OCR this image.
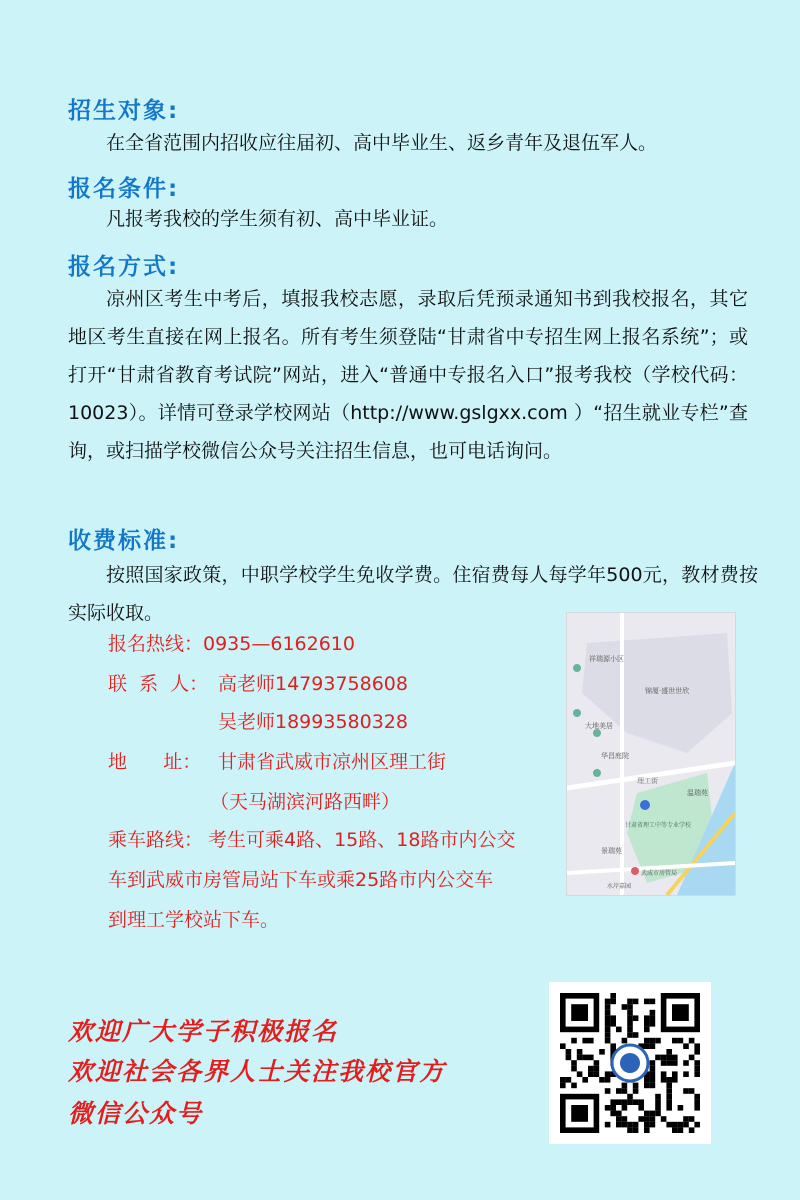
招生对象:
在全省范围内招收应往届初、高中毕业生、返乡青年及退伍军人。
报名条件:
凡报考我校的学生须有初、高中毕业证。
报名方式:
凉州区考生中考后，填报我校志愿，录取后凭预录通知书到我校报名，其它地区考生直接在网上报名。所有考生须登陆“甘肃省中专招生网上报名系统”；或打开“甘肃省教育考试院”网站，进入“普通中专报名入口”报考我校（学校代码：10023）。详情可登录学校网站（http://www.gslgxx.com ）“招生就业专栏”查询，或扫描学校微信公众号关注招生信息，也可电话询问。
收费标准:
按照国家政策，中职学校学生免收学费。住宿费每人每学年500元，教材费按实际收取。
报名热线：0935—6162610
联  系  人： 高老师14793758608
吴老师18993580328
地      址： 甘肃省武威市凉州区理工街
（天马湖滨河路西畔）
乘车路线： 考生可乘4路、15路、18路市内公交
车到武威市房管局站下车或乘25路市内公交车
到理工学校站下车。
祥瑞源小区
锦厦·盛世世欣
大地美居
华昌庭院
温瑞苑
理工街
甘肃省理工中等专业学校
景瑞苑
武威市房管局
水岸嘉园
欢迎广大学子积极报名
欢迎社会各界人士关注我校官方
微信公众号
